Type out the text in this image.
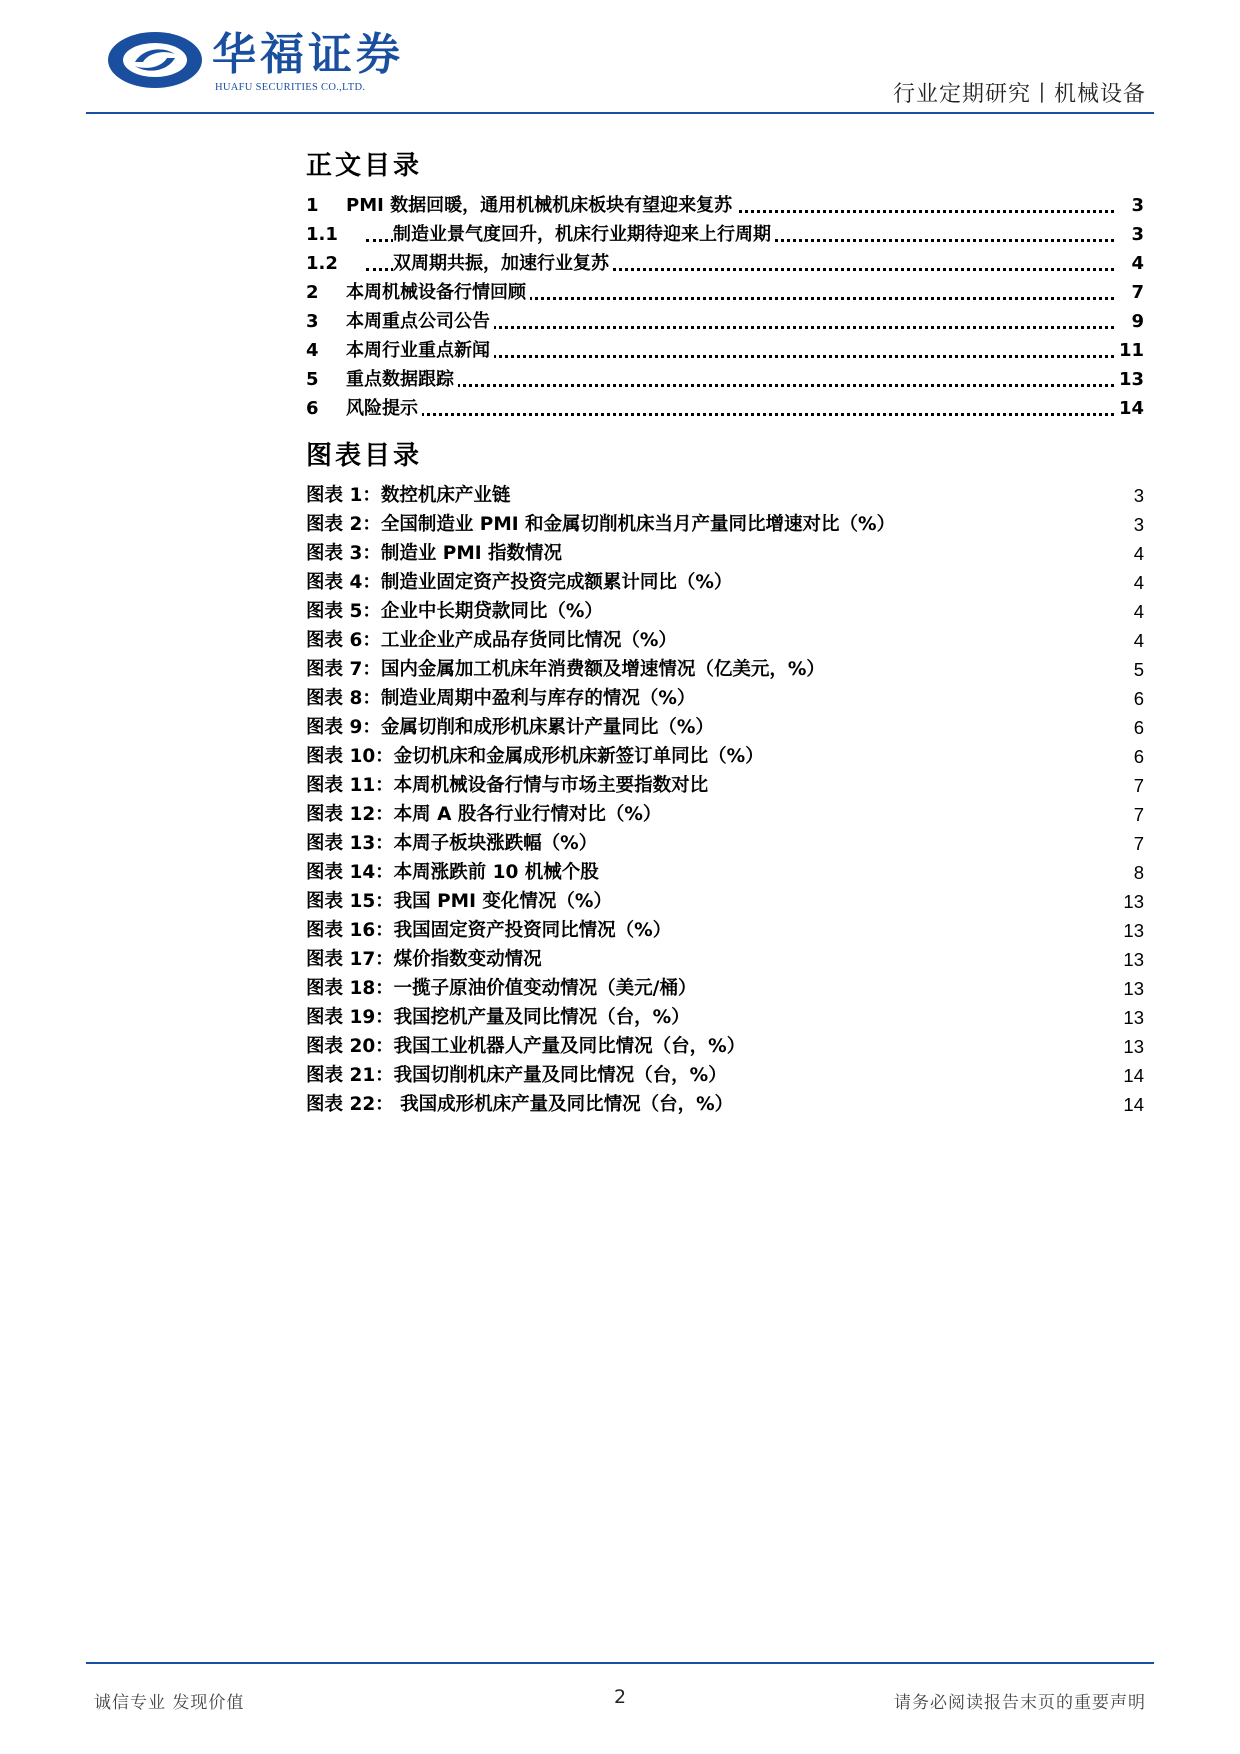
华福证券
HUAFU SECURITIES CO.,LTD.	行业定期研究丨机械设备
正文目录
1 PMI 数据回暖，通用机械机床板块有望迎来复苏	3
1.1	制造业景气度回升，机床行业期待迎来上行周期	3
1.2	双周期共振，加速行业复苏	4
2 本周机械设备行情回顾	7
3 本周重点公司公告	9
4 本周行业重点新闻	11
5 重点数据跟踪	13
6 风险提示	14
图表目录
图表 1：数控机床产业链	3
图表 2：全国制造业 PMI 和金属切削机床当月产量同比增速对比（%）	3
图表 3：制造业 PMI 指数情况	4
图表 4：制造业固定资产投资完成额累计同比（%）	4
图表 5：企业中长期贷款同比（%）	4
图表 6：工业企业产成品存货同比情况（%）	4
图表 7：国内金属加工机床年消费额及增速情况（亿美元，%）	5
图表 8：制造业周期中盈利与库存的情况（%）	6
图表 9：金属切削和成形机床累计产量同比（%）	6
图表 10：金切机床和金属成形机床新签订单同比（%）	6
图表 11：本周机械设备行情与市场主要指数对比	7
图表 12：本周 A 股各行业行情对比（%）	7
图表 13：本周子板块涨跌幅（%）	7
图表 14：本周涨跌前 10 机械个股	8
图表 15：我国 PMI 变化情况（%）	13
图表 16：我国固定资产投资同比情况（%）	13
图表 17：煤价指数变动情况	13
图表 18：一揽子原油价值变动情况（美元/桶）	13
图表 19：我国挖机产量及同比情况（台，%）	13
图表 20：我国工业机器人产量及同比情况（台，%）	13
图表 21：我国切削机床产量及同比情况（台，%）	14
图表 22： 我国成形机床产量及同比情况（台，%）	14
诚信专业 发现价值	2	请务必阅读报告末页的重要声明
